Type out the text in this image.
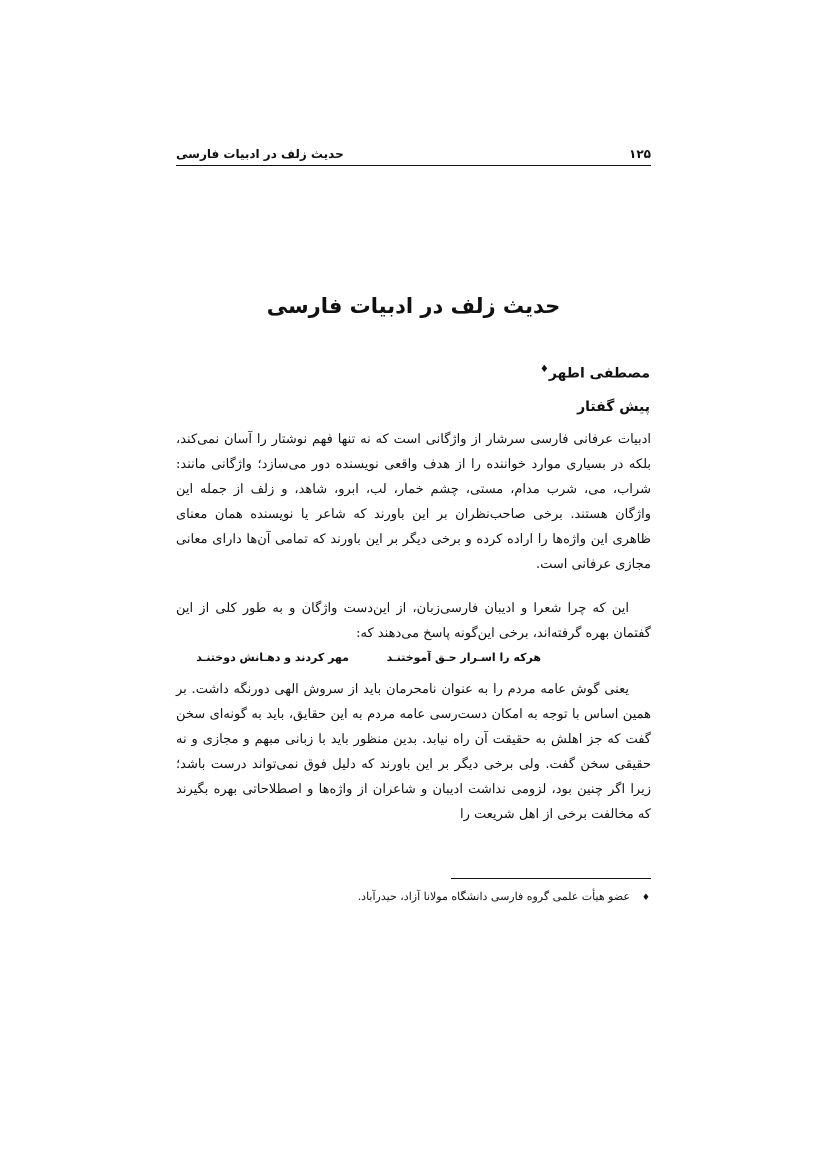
۱۲۵
حدیث زلف در ادبیات فارسی
حدیث زلف در ادبیات فارسی
مصطفی اطهر♦
پیش گفتار

ادبیات عرفانی فارسی سرشار از واژگانی است که نه تنها فهم نوشتار را آسان نمی‌کند، بلکه در بسیاری موارد خواننده را از هدف واقعی نویسنده دور می‌سازد؛ واژگانی مانند: شراب، می، شرب مدام، مستی، چشم خمار، لب، ابرو، شاهد، و زلف از جمله این واژگان هستند. برخی صاحب‌نظران بر این باورند که شاعر یا نویسنده همان معنای ظاهری این واژه‌ها را اراده کرده و برخی دیگر بر این باورند که تمامی آن‌ها دارای معانی مجازی عرفانی است.

این که چرا شعرا و ادیبان فارسی‌زبان، از این‌دست واژگان و به طور کلی از این گفتمان بهره گرفته‌اند، برخی این‌گونه پاسخ می‌دهند که:

هرکه را اسـرار حـق آموختنـد
مهر کردند و دهـانش دوختنـد

یعنی گوش عامه مردم را به عنوان نامحرمان باید از سروش الهی دورنگه داشت. بر همین اساس با توجه به امکان دست‌رسی عامه مردم به این حقایق، باید به گونه‌ای سخن گفت که جز اهلش به حقیقت آن راه نیابد. بدین منظور باید با زبانی مبهم و مجازی و نه حقیقی سخن گفت. ولی برخی دیگر بر این باورند که دلیل فوق نمی‌تواند درست باشد؛ زیرا اگر چنین بود، لزومی نداشت ادیبان و شاعران از واژه‌ها و اصطلاحاتی بهره بگیرند که مخالفت برخی از اهل شریعت را

♦عضو هیأت علمی گروه فارسی دانشگاه مولانا آزاد، حیدرآباد.
